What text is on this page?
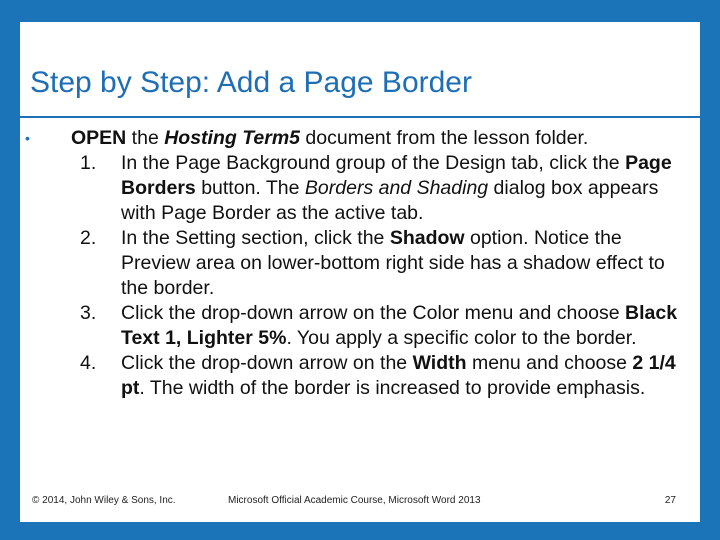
Step by Step: Add a Page Border
• OPEN the Hosting Term5 document from the lesson folder.
1. In the Page Background group of the Design tab, click the Page Borders button. The Borders and Shading dialog box appears with Page Border as the active tab.
2. In the Setting section, click the Shadow option. Notice the Preview area on lower-bottom right side has a shadow effect to the border.
3. Click the drop-down arrow on the Color menu and choose Black Text 1, Lighter 5%. You apply a specific color to the border.
4. Click the drop-down arrow on the Width menu and choose 2 1/4 pt. The width of the border is increased to provide emphasis.
© 2014, John Wiley & Sons, Inc.	Microsoft Official Academic Course, Microsoft Word 2013	27
